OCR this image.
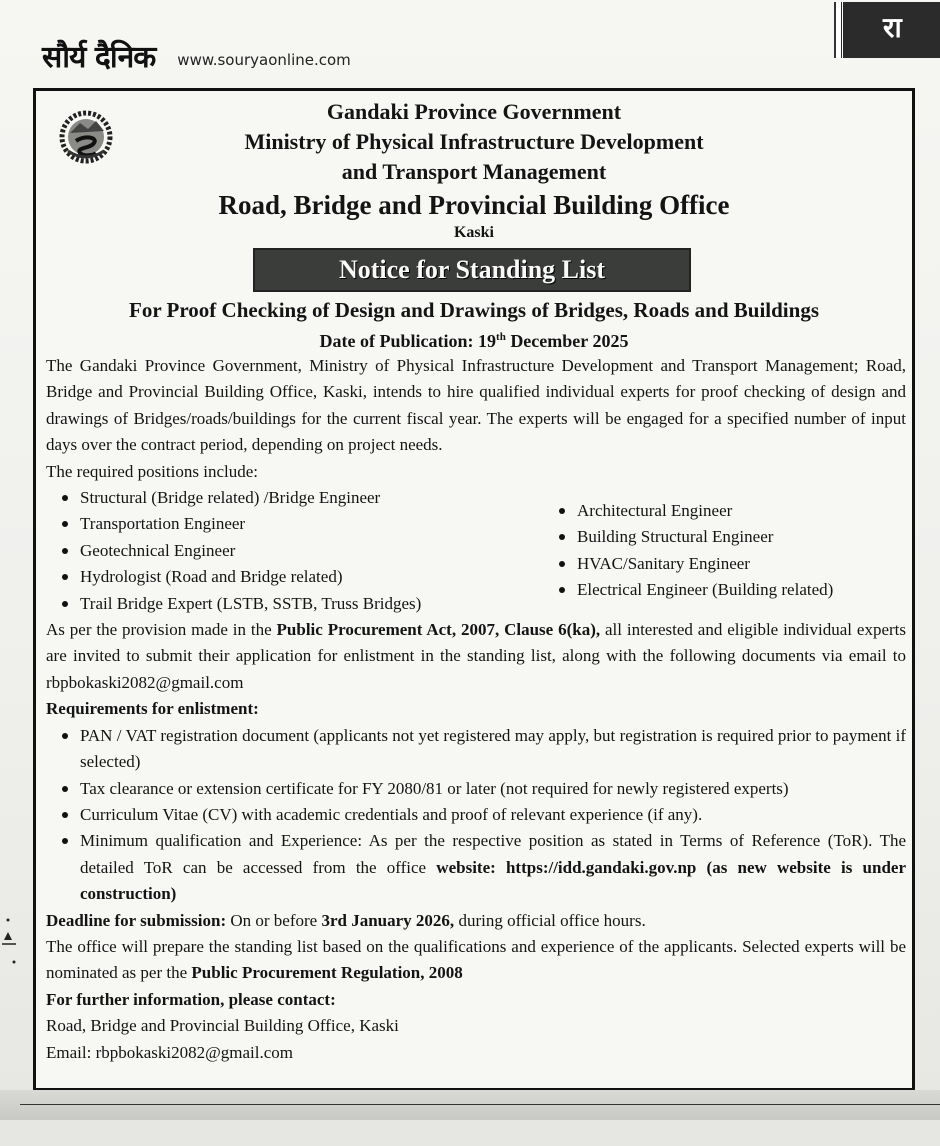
सौर्य दैनिक www.souryaonline.com
रा
Gandaki Province Government
Ministry of Physical Infrastructure Development
and Transport Management
Road, Bridge and Provincial Building Office
Kaski
Notice for Standing List
For Proof Checking of Design and Drawings of Bridges, Roads and Buildings
Date of Publication: 19th December 2025

The Gandaki Province Government, Ministry of Physical Infrastructure Development and Transport Management; Road, Bridge and Provincial Building Office, Kaski, intends to hire qualified individual experts for proof checking of design and drawings of Bridges/roads/buildings for the current fiscal year. The experts will be engaged for a specified number of input days over the contract period, depending on project needs.

The required positions include:

Structural (Bridge related) /Bridge Engineer
Transportation Engineer
Geotechnical Engineer
Hydrologist (Road and Bridge related)
Trail Bridge Expert (LSTB, SSTB, Truss Bridges)
Architectural Engineer
Building Structural Engineer
HVAC/Sanitary Engineer
Electrical Engineer (Building related)

As per the provision made in the Public Procurement Act, 2007, Clause 6(ka), all interested and eligible individual experts are invited to submit their application for enlistment in the standing list, along with the following documents via email to rbpbokaski2082@gmail.com

Requirements for enlistment:

PAN / VAT registration document (applicants not yet registered may apply, but registration is required prior to payment if selected)
Tax clearance or extension certificate for FY 2080/81 or later (not required for newly registered experts)
Curriculum Vitae (CV) with academic credentials and proof of relevant experience (if any).
Minimum qualification and Experience: As per the respective position as stated in Terms of Reference (ToR). The detailed ToR can be accessed from the office website: https://idd.gandaki.gov.np (as new website is under construction)

Deadline for submission: On or before 3rd January 2026, during official office hours.

The office will prepare the standing list based on the qualifications and experience of the applicants. Selected experts will be nominated as per the Public Procurement Regulation, 2008

For further information, please contact:

Road, Bridge and Provincial Building Office, Kaski

Email: rbpbokaski2082@gmail.com
